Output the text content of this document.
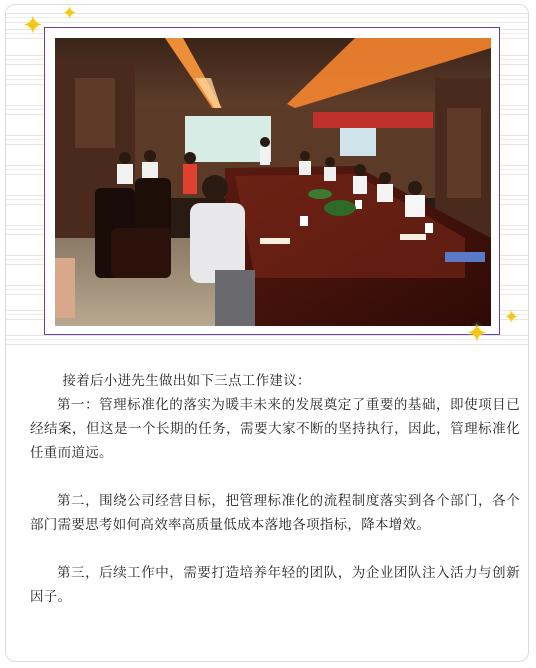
✦ ✦
✦
✦

接着后小进先生做出如下三点工作建议：

第一：管理标准化的落实为暖丰未来的发展奠定了重要的基础，即使项目已经结案，但这是一个长期的任务，需要大家不断的坚持执行，因此，管理标准化任重而道远。

第二，围绕公司经营目标，把管理标准化的流程制度落实到各个部门，各个部门需要思考如何高效率高质量低成本落地各项指标，降本增效。

第三，后续工作中，需要打造培养年轻的团队，为企业团队注入活力与创新因子。
